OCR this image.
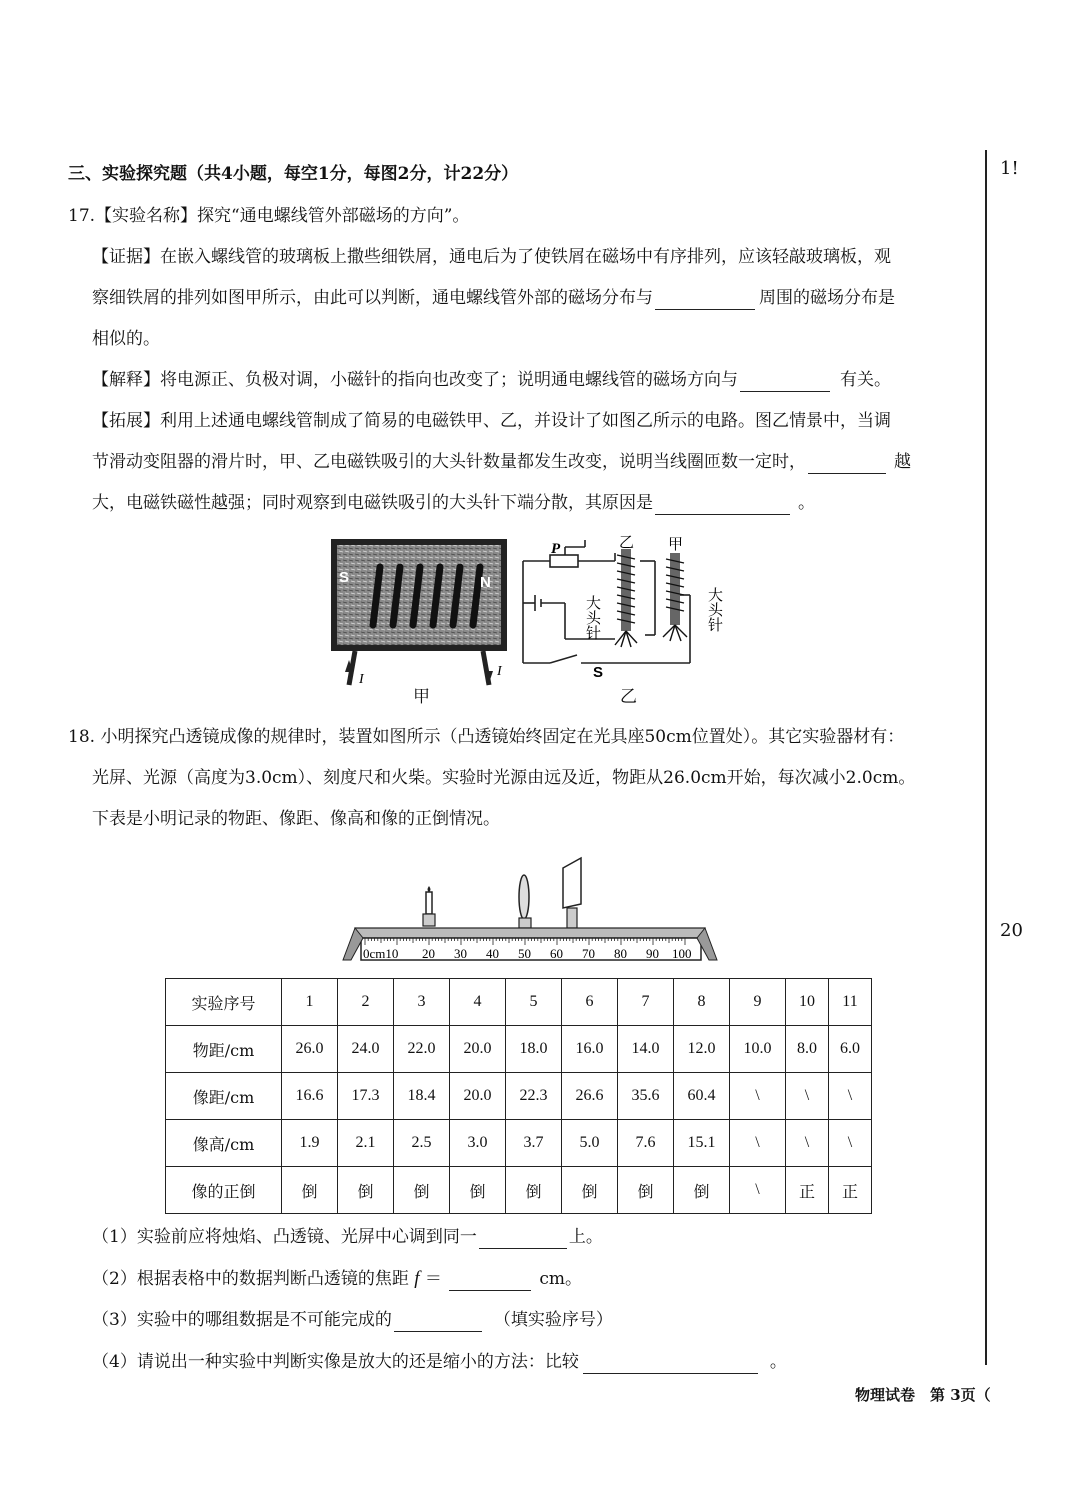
1!
20
三、实验探究题（共4小题，每空1分，每图2分，计22分）
17.【实验名称】探究“通电螺线管外部磁场的方向”。
【证据】在嵌入螺线管的玻璃板上撒些细铁屑，通电后为了使铁屑在磁场中有序排列，应该轻敲玻璃板，观
察细铁屑的排列如图甲所示，由此可以判断，通电螺线管外部的磁场分布与	周围的磁场分布是
相似的。
【解释】将电源正、负极对调，小磁针的指向也改变了；说明通电螺线管的磁场方向与	有关。
【拓展】利用上述通电螺线管制成了简易的电磁铁甲、乙，并设计了如图乙所示的电路。图乙情景中，当调
节滑动变阻器的滑片时，甲、乙电磁铁吸引的大头针数量都发生改变，说明当线圈匝数一定时，	越
大，电磁铁磁性越强；同时观察到电磁铁吸引的大头针下端分散，其原因是	。
S	N
I
I
甲
P	乙 甲
大头针	大头针
S
乙
18. 小明探究凸透镜成像的规律时，装置如图所示（凸透镜始终固定在光具座50cm位置处）。其它实验器材有：
光屏、光源（高度为3.0cm）、刻度尺和火柴。实验时光源由远及近，物距从26.0cm开始，每次减小2.0cm。
下表是小明记录的物距、像距、像高和像的正倒情况。
0cm10 20 30 40 50 60 70 80 90 100
实验序号	1	2	3	4	5	6	7	8	9	10	11
物距/cm	26.0	24.0	22.0	20.0	18.0	16.0	14.0	12.0	10.0	8.0	6.0
像距/cm	16.6	17.3	18.4	20.0	22.3	26.6	35.6	60.4	\	\	\
像高/cm	1.9	2.1	2.5	3.0	3.7	5.0	7.6	15.1	\	\	\
像的正倒	倒	倒	倒	倒	倒	倒	倒	倒	\	正	正
（1）实验前应将烛焰、凸透镜、光屏中心调到同一	上。
（2）根据表格中的数据判断凸透镜的焦距 f ＝	cm。
（3）实验中的哪组数据是不可能完成的	（填实验序号）
（4）请说出一种实验中判断实像是放大的还是缩小的方法：比较	。
物理试卷　第 3页（
